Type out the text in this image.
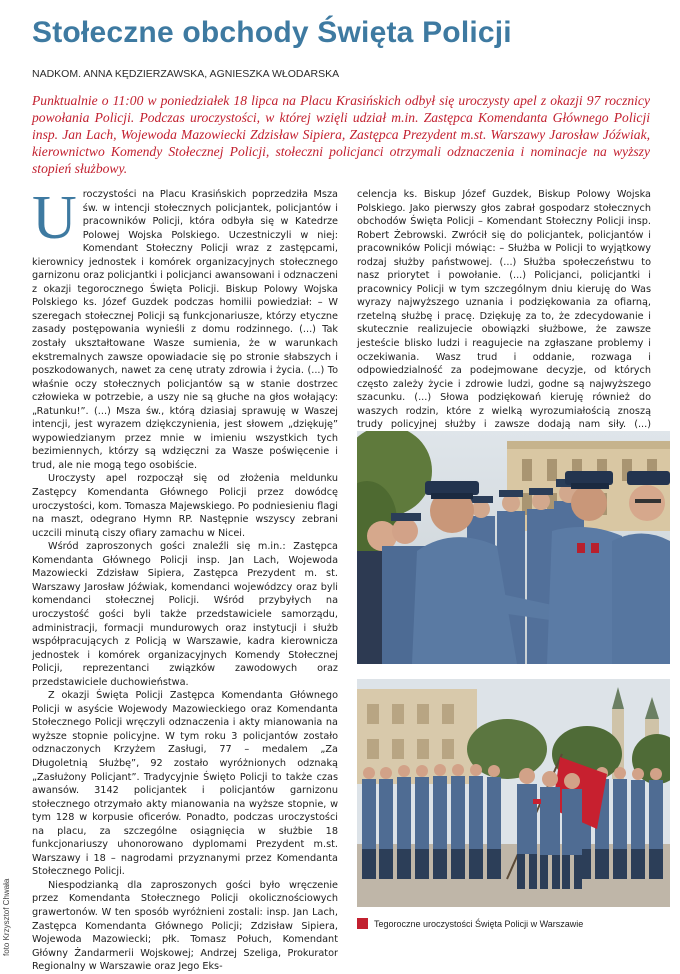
Stołeczne obchody Święta Policji
NADKOM. ANNA KĘDZIERZAWSKA, AGNIESZKA WŁODARSKA

Punktualnie o 11:00 w poniedziałek 18 lipca na Placu Krasińskich odbył się uroczysty apel z okazji 97 rocznicy powołania Policji. Podczas uroczystości, w której wzięli udział m.in. Zastępca Komendanta Głównego Policji insp. Jan Lach, Wojewoda Mazowiecki Zdzisław Sipiera, Zastępca Prezydent m.st. Warszawy Jarosław Jóźwiak, kierownictwo Komendy Stołecznej Policji, stołeczni policjanci otrzymali odznaczenia i nominacje na wyższy stopień służbowy.

Uroczystości na Placu Krasińskich poprzedziła Msza św. w intencji stołecznych policjantek, policjantów i pracowników Policji, która odbyła się w Katedrze Polowej Wojska Polskiego. Uczestniczyli w niej: Komendant Stołeczny Policji wraz z zastępcami, kierownicy jednostek i komórek organizacyjnych stołecznego garnizonu oraz policjantki i policjanci awansowani i odznaczeni z okazji tegorocznego Święta Policji. Biskup Polowy Wojska Polskiego ks. Józef Guzdek podczas homilii powiedział: – W szeregach stołecznej Policji są funkcjonariusze, którzy etyczne zasady postępowania wynieśli z domu rodzinnego. (...) Tak zostały ukształtowane Wasze sumienia, że w warunkach ekstremalnych zawsze opowiadacie się po stronie słabszych i poszkodowanych, nawet za cenę utraty zdrowia i życia. (...) To właśnie oczy stołecznych policjantów są w stanie dostrzec człowieka w potrzebie, a uszy nie są głuche na głos wołający: „Ratunku!”. (...) Msza św., którą dziasiaj sprawuję w Waszej intencji, jest wyrazem dziękczynienia, jest słowem „dziękuję” wypowiedzianym przez mnie w imieniu wszystkich tych bezimiennych, którzy są wdzięczni za Wasze poświęcenie i trud, ale nie mogą tego osobiście.

Uroczysty apel rozpoczął się od złożenia meldunku Zastępcy Komendanta Głównego Policji przez dowódcę uroczystości, kom. Tomasza Majewskiego. Po podniesieniu flagi na maszt, odegrano Hymn RP. Następnie wszyscy zebrani uczcili minutą ciszy ofiary zamachu w Nicei.

Wśród zaproszonych gości znaleźli się m.in.: Zastępca Komendanta Głównego Policji insp. Jan Lach, Wojewoda Mazowiecki Zdzisław Sipiera, Zastępca Prezydent m. st. Warszawy Jarosław Jóźwiak, komendanci wojewódzcy oraz byli komendanci stołecznej Policji. Wśród przybyłych na uroczystość gości byli także przedstawiciele samorządu, administracji, formacji mundurowych oraz instytucji i służb współpracujących z Policją w Warszawie, kadra kierownicza jednostek i komórek organizacyjnych Komendy Stołecznej Policji, reprezentanci związków zawodowych oraz przedstawiciele duchowieństwa.

Z okazji Święta Policji Zastępca Komendanta Głównego Policji w asyście Wojewody Mazowieckiego oraz Komendanta Stołecznego Policji wręczyli odznaczenia i akty mianowania na wyższe stopnie policyjne. W tym roku 3 policjantów zostało odznaczonych Krzyżem Zasługi, 77 – medalem „Za Długoletnią Służbę”, 92 zostało wyróżnionych odznaką „Zasłużony Policjant”. Tradycyjnie Święto Policji to także czas awansów. 3142 policjantek i policjantów garnizonu stołecznego otrzymało akty mianowania na wyższe stopnie, w tym 128 w korpusie oficerów. Ponadto, podczas uroczystości na placu, za szczególne osiągnięcia w służbie 18 funkcjonariuszy uhonorowano dyplomami Prezydent m.st. Warszawy i 18 – nagrodami przyznanymi przez Komendanta Stołecznego Policji.

Niespodzianką dla zaproszonych gości było wręczenie przez Komendanta Stołecznego Policji okolicznościowych grawertonów. W ten sposób wyróżnieni zostali: insp. Jan Lach, Zastępca Komendanta Głównego Policji; Zdzisław Sipiera, Wojewoda Mazowiecki; płk. Tomasz Połuch, Komendant Główny Żandarmerii Wojskowej; Andrzej Szeliga, Prokurator Regionalny w Warszawie oraz Jego Eks-

celencja ks. Biskup Józef Guzdek, Biskup Polowy Wojska Polskiego. Jako pierwszy głos zabrał gospodarz stołecznych obchodów Święta Policji – Komendant Stołeczny Policji insp. Robert Żebrowski. Zwrócił się do policjantek, policjantów i pracowników Policji mówiąc: – Służba w Policji to wyjątkowy rodzaj służby państwowej. (...) Służba społeczeństwu to nasz priorytet i powołanie. (...) Policjanci, policjantki i pracownicy Policji w tym szczególnym dniu kieruję do Was wyrazy najwyższego uznania i podziękowania za ofiarną, rzetelną służbę i pracę. Dziękuję za to, że zdecydowanie i skutecznie realizujecie obowiązki służbowe, że zawsze jesteście blisko ludzi i reagujecie na zgłaszane problemy i oczekiwania. Wasz trud i oddanie, rozwaga i odpowiedzialność za podejmowane decyzje, od których często zależy życie i zdrowie ludzi, godne są najwyższego szacunku. (...) Słowa podziękowań kieruję również do waszych rodzin, które z wielką wyrozumiałością znoszą trudy policyjnej służby i zawsze dodają nam siły. (...)

Tegoroczne uroczystości Święta Policji w Warszawie
foto Krzysztof Chwała
